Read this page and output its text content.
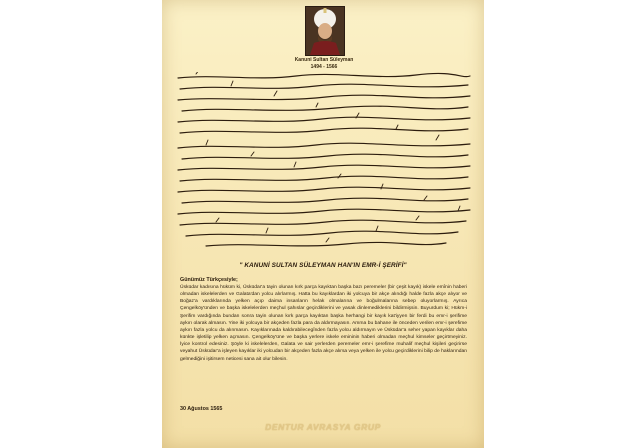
Kanuni Sultan Süleyman
1494 - 1566
" KANUNİ SULTAN SÜLEYMAN HAN'IN EMR-İ ŞERİFİ"
Günümüz Türkçesiyle;
Üsküdar kadısına hüküm ki, Üsküdar'a tayin olunan kırk parça kayıktan başka bazı peremeler (bir çeşit kayık) iskele emînin haberi olmadan iskelelerden ve Galata'dan yolcu alırlarmış. Hatta bu kayıklardan iki yolcuya bir akçe alındığı halde fazla akçe alıyor ve Boğaz'a vardıklarında yelken açıp daima insanların helak olmalarına ve boğulmalarına sebep oluyorlarmış. Ayrıca Çengelköy'ünden ve başka iskelelerden meçhul şahıslar geçirdiklerini ve yasak dinlemediklerini bildirmişsin. Buyurdum ki; Hükm-i Şerifim vardığında bundan sonra tayin olunan kırk parça kayıktan başka herhangi bir kayık kat'iyyen bir ferdi bu emr-i şerifime aykırı olarak almasın. Yine iki yolcuya bir akçeden fazla para da aldırmayasın. Amma bu bahane ile önceden verilen emr-i şerefime aykırı fazla yolcu da alınmasın. Kayıklarınada kaldırabilecegînden fazla yolcu aldırmayın ve Üsküdar'a seher yapan kayıklar daha künkte işletilip yelken açmasın. Çengelköy'üne ve başka yerlere iskele emininin haberi olmadan meçhul kimseler geçirtmeyiniz. İyice kontrol edesiniz. Şöyle ki iskelelerden, Galata ve sair yerlerden peremeler emr-i şerefime muhalif meçhul kişileri geçirirse veyahut Üsküdar'a işleyen kayıklar iki yolcudan bir akçeden fazla akçe alırsa veya yelken ile yolcu geçirdiklerini bilip de haklarından gelmediğini işitirsem neticesi sana ait olur bilesin.
30 Ağustos 1565
DENTUR AVRASYA GRUP
